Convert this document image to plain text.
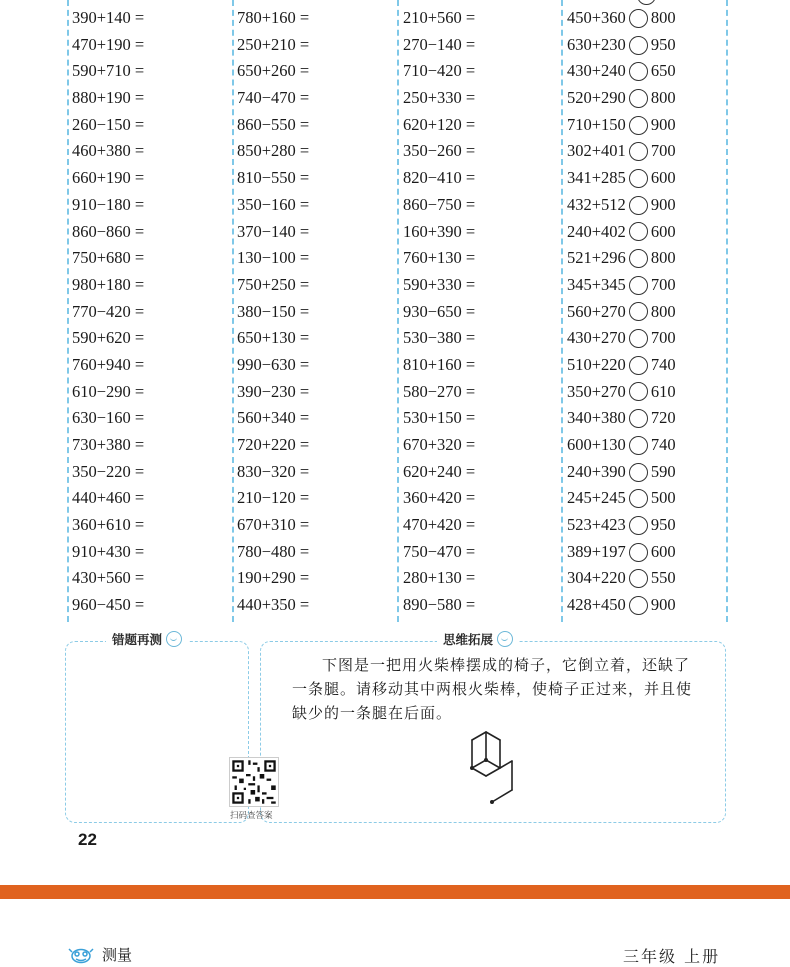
390+140 =
470+190 =
590+710 =
880+190 =
260−150 =
460+380 =
660+190 =
910−180 =
860−860 =
750+680 =
980+180 =
770−420 =
590+620 =
760+940 =
610−290 =
630−160 =
730+380 =
350−220 =
440+460 =
360+610 =
910+430 =
430+560 =
960−450 =
780+160 =
250+210 =
650+260 =
740−470 =
860−550 =
850+280 =
810−550 =
350−160 =
370−140 =
130−100 =
750+250 =
380−150 =
650+130 =
990−630 =
390−230 =
560+340 =
720+220 =
830−320 =
210−120 =
670+310 =
780−480 =
190+290 =
440+350 =
210+560 =
270−140 =
710−420 =
250+330 =
620+120 =
350−260 =
820−410 =
860−750 =
160+390 =
760+130 =
590+330 =
930−650 =
530−380 =
810+160 =
580−270 =
530+150 =
670+320 =
620+240 =
360+420 =
470+420 =
750−470 =
280+130 =
890−580 =
450+360 800
630+230 950
430+240 650
520+290 800
710+150 900
302+401 700
341+285 600
432+512 900
240+402 600
521+296 800
345+345 700
560+270 800
430+270 700
510+220 740
350+270 610
340+380 720
600+130 740
240+390 590
245+245 500
523+423 950
389+197 600
304+220 550
428+450 900
错题再测	思维拓展
下图是一把用火柴棒摆成的椅子，它倒立着，还缺了一条腿。请移动其中两根火柴棒，使椅子正过来，并且使缺少的一条腿在后面。
扫码查答案
22
测量	三年级 上册
